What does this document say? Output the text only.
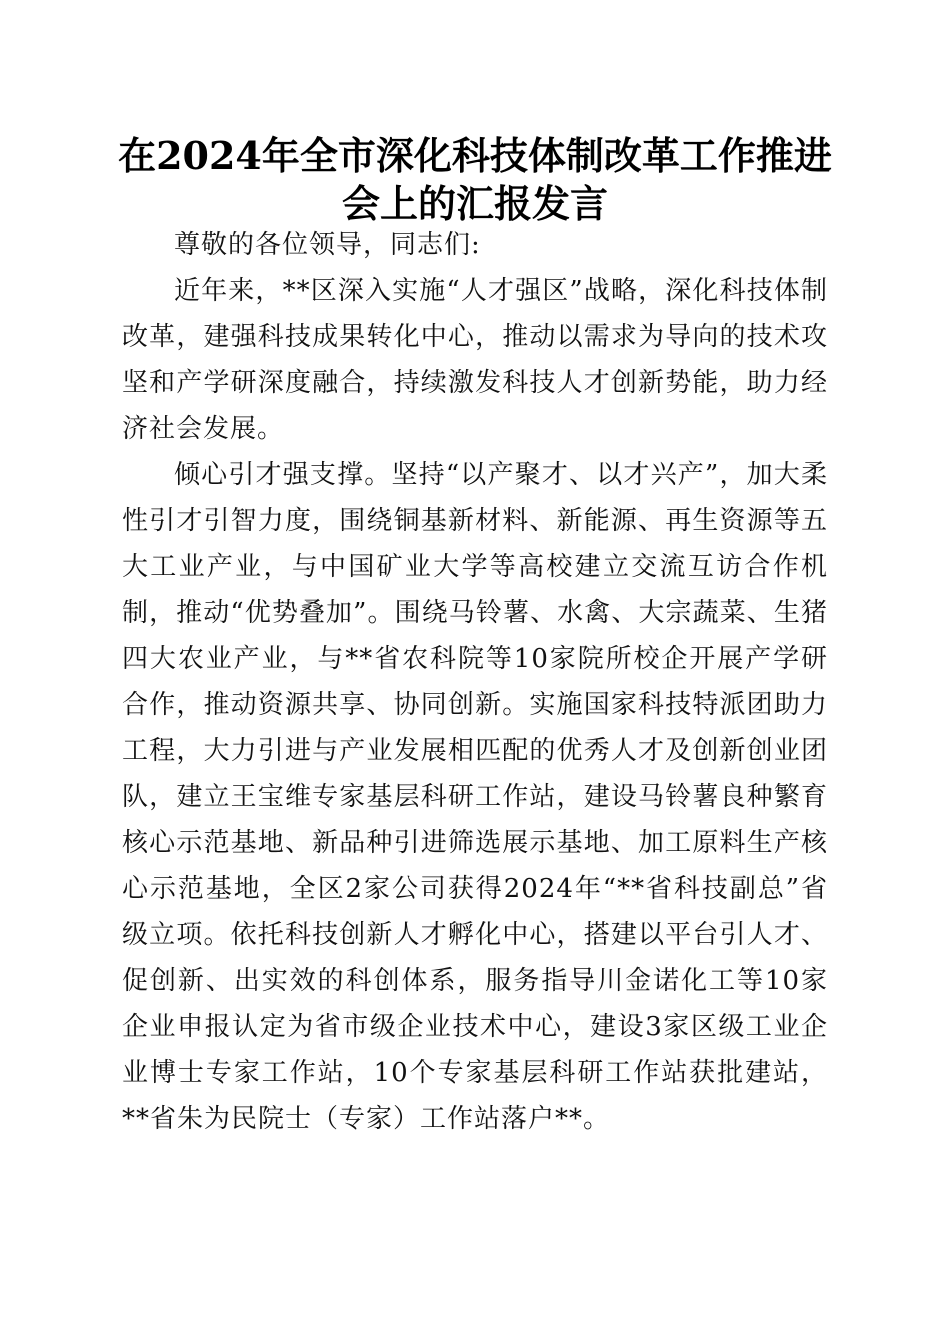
在2024年全市深化科技体制改革工作推进会上的汇报发言

尊敬的各位领导，同志们:

近年来，**区深入实施“人才强区”战略，深化科技体制改革，建强科技成果转化中心，推动以需求为导向的技术攻坚和产学研深度融合，持续激发科技人才创新势能，助力经济社会发展。

倾心引才强支撑。坚持“以产聚才、以才兴产”，加大柔性引才引智力度，围绕铜基新材料、新能源、再生资源等五大工业产业，与中国矿业大学等高校建立交流互访合作机制，推动“优势叠加”。围绕马铃薯、水禽、大宗蔬菜、生猪四大农业产业，与**省农科院等10家院所校企开展产学研合作，推动资源共享、协同创新。实施国家科技特派团助力工程，大力引进与产业发展相匹配的优秀人才及创新创业团队，建立王宝维专家基层科研工作站，建设马铃薯良种繁育核心示范基地、新品种引进筛选展示基地、加工原料生产核心示范基地，全区2家公司获得2024年“**省科技副总”省级立项。依托科技创新人才孵化中心，搭建以平台引人才、促创新、出实效的科创体系，服务指导川金诺化工等10家企业申报认定为省市级企业技术中心，建设3家区级工业企业博士专家工作站，10个专家基层科研工作站获批建站，**省朱为民院士（专家）工作站落户**。
